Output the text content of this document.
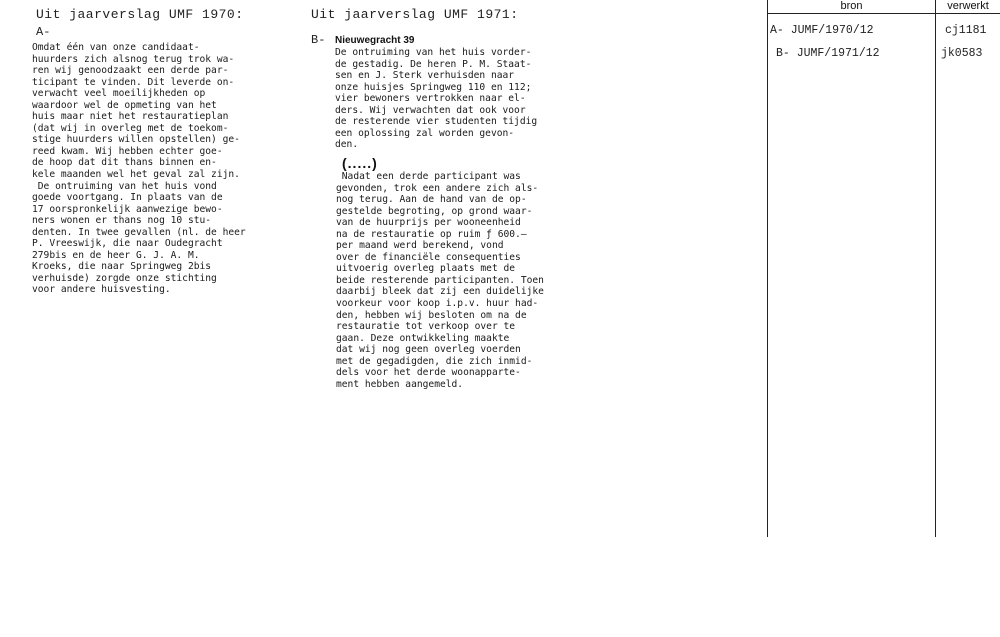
Uit jaarverslag UMF 1970:
A-
Omdat één van onze candidaat-
huurders zich alsnog terug trok wa-
ren wij genoodzaakt een derde par-
ticipant te vinden. Dit leverde on-
verwacht veel moeilijkheden op
waardoor wel de opmeting van het
huis maar niet het restauratieplan
(dat wij in overleg met de toekom-
stige huurders willen opstellen) ge-
reed kwam. Wij hebben echter goe-
de hoop dat dit thans binnen en-
kele maanden wel het geval zal zijn.
De ontruiming van het huis vond
goede voortgang. In plaats van de
17 oorspronkelijk aanwezige bewo-
ners wonen er thans nog 10 stu-
denten. In twee gevallen (nl. de heer
P. Vreeswijk, die naar Oudegracht
279bis en de heer G. J. A. M.
Kroeks, die naar Springweg 2bis
verhuisde) zorgde onze stichting
voor andere huisvesting.
Uit jaarverslag UMF 1971:
B- Nieuwegracht 39
De ontruiming van het huis vorder-
de gestadig. De heren P. M. Staat-
sen en J. Sterk verhuisden naar
onze huisjes Springweg 110 en 112;
vier bewoners vertrokken naar el-
ders. Wij verwachten dat ook voor
de resterende vier studenten tijdig
een oplossing zal worden gevon-
den.
(.....)
Nadat een derde participant was
gevonden, trok een andere zich als-
nog terug. Aan de hand van de op-
gestelde begroting, op grond waar-
van de huurprijs per wooneenheid
na de restauratie op ruim ƒ 600.—
per maand werd berekend, vond
over de financiële consequenties
uitvoerig overleg plaats met de
beide resterende participanten. Toen
daarbij bleek dat zij een duidelijke
voorkeur voor koop i.p.v. huur had-
den, hebben wij besloten om na de
restauratie tot verkoop over te
gaan. Deze ontwikkeling maakte
dat wij nog geen overleg voerden
met de gegadigden, die zich inmid-
dels voor het derde woonapparte-
ment hebben aangemeld.
bron	verwerkt
A- JUMF/1970/12	cj1181
B- JUMF/1971/12	jk0583
